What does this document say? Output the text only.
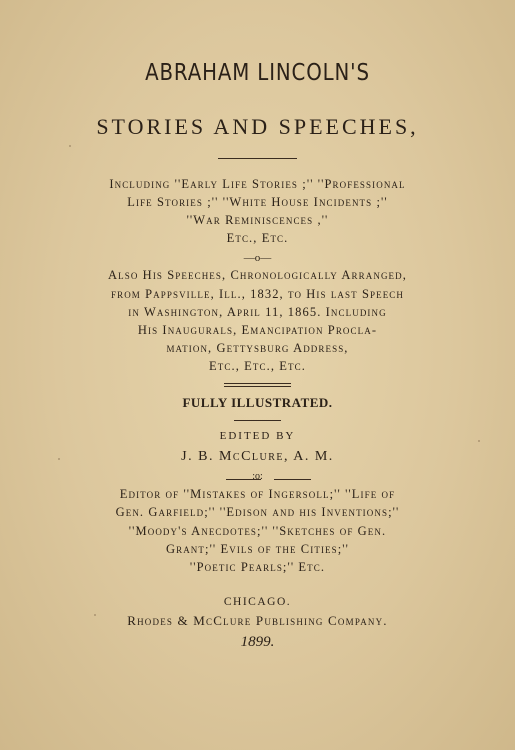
ABRAHAM LINCOLN'S
STORIES AND SPEECHES,
Including ''Early Life Stories ;'' ''Professional
Life Stories ;'' ''White House Incidents ;''
''War Reminiscences ,''
Etc., Etc.
—o—
Also His Speeches, Chronologically Arranged,
from Pappsville, Ill., 1832, to His last Speech
in Washington, April 11, 1865. Including
His Inaugurals, Emancipation Procla-
mation, Gettysburg Address,
Etc., Etc., Etc.
FULLY ILLUSTRATED.
EDITED BY
J. B. McClure, A. M.
:o:
Editor of ''Mistakes of Ingersoll;'' ''Life of
Gen. Garfield;'' ''Edison and his Inventions;''
''Moody's Anecdotes;'' ''Sketches of Gen.
Grant;'' Evils of the Cities;''
''Poetic Pearls;'' Etc.
CHICAGO.
Rhodes & McClure Publishing Company.
1899.
